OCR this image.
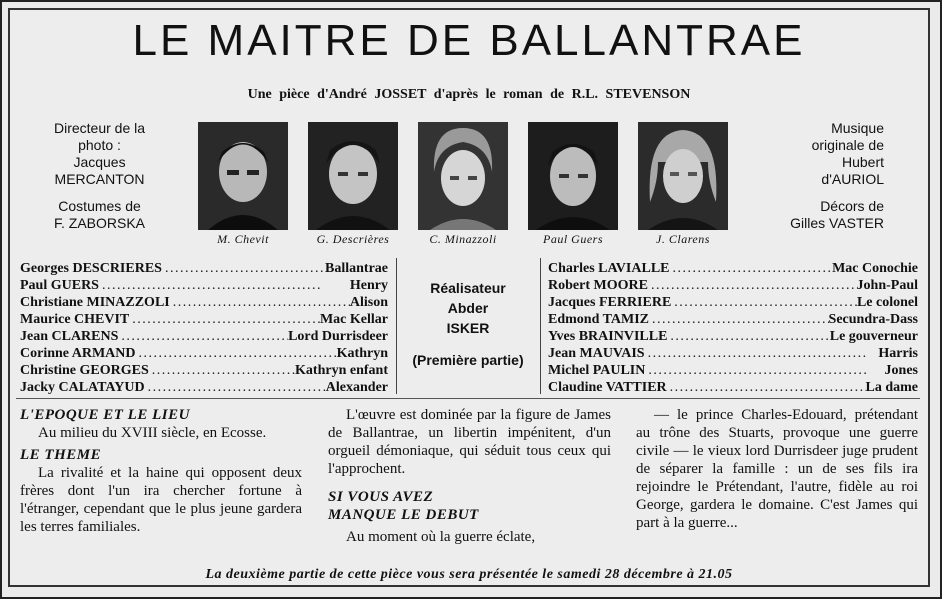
LE MAITRE DE BALLANTRAE
Une pièce d'André JOSSET d'après le roman de R.L. STEVENSON
Directeur de la
photo :
Jacques
MERCANTON
Costumes de
F. ZABORSKA
Musique
originale de
Hubert
d'AURIOL
Décors de
Gilles VASTER
M. Chevit	G. Descrières	C. Minazzoli	Paul Guers	J. Clarens
Georges DESCRIERES . . .	Ballantrae
Paul GUERS . . .	Henry
Christiane MINAZZOLI . . .	Alison
Maurice CHEVIT . . .	Mac Kellar
Jean CLARENS . . .	Lord Durrisdeer
Corinne ARMAND . . .	Kathryn
Christine GEORGES . . .	Kathryn enfant
Jacky CALATAYUD . . .	Alexander
Réalisateur
Abder
ISKER
(Première partie)
Charles LAVIALLE . . .	Mac Conochie
Robert MOORE . . .	John-Paul
Jacques FERRIERE . . .	Le colonel
Edmond TAMIZ . . .	Secundra-Dass
Yves BRAINVILLE . . .	Le gouverneur
Jean MAUVAIS . . .	Harris
Michel PAULIN . . .	Jones
Claudine VATTIER . . .	La dame
L'EPOQUE ET LE LIEU

Au milieu du XVIII siècle, en Ecosse.

LE THEME

La rivalité et la haine qui opposent deux frères dont l'un ira chercher fortune à l'étranger, cependant que le plus jeune gardera les terres familiales.

L'œuvre est dominée par la figure de James de Ballantrae, un libertin impénitent, d'un orgueil démoniaque, qui séduit tous ceux qui l'approchent.

SI VOUS AVEZ
MANQUE LE DEBUT

Au moment où la guerre éclate,

— le prince Charles-Edouard, prétendant au trône des Stuarts, provoque une guerre civile — le vieux lord Durrisdeer juge prudent de séparer la famille : un de ses fils ira rejoindre le Prétendant, l'autre, fidèle au roi George, gardera le domaine. C'est James qui part à la guerre...

La deuxième partie de cette pièce vous sera présentée le samedi 28 décembre à 21.05
